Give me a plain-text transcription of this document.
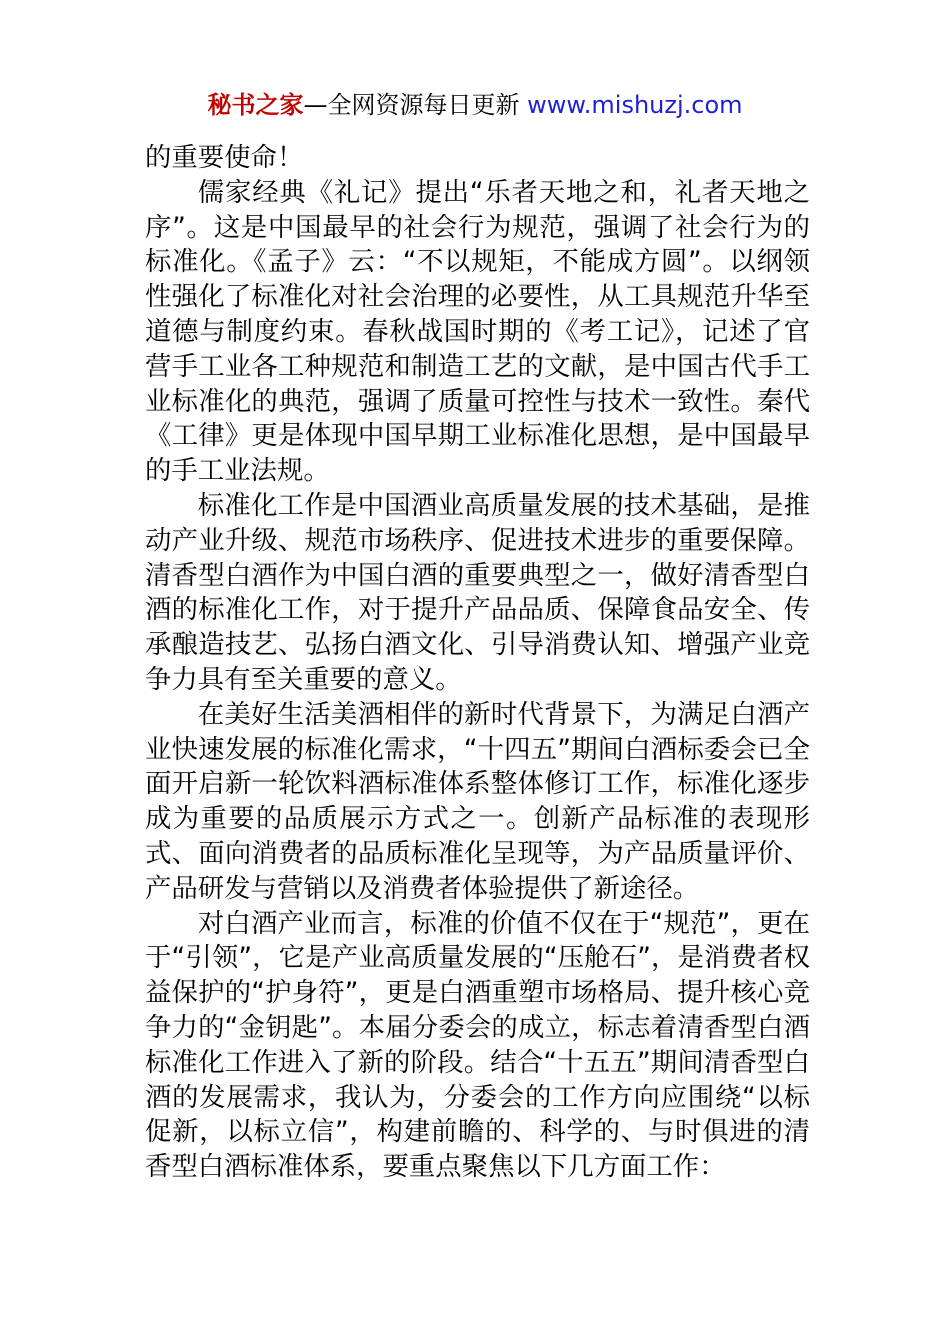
秘书之家—全网资源每日更新 www.mishuzj.com

的重要使命！

儒家经典《礼记》提出“乐者天地之和，礼者天地之序”。这是中国最早的社会行为规范，强调了社会行为的标准化。《孟子》云：“不以规矩，不能成方圆”。以纲领性强化了标准化对社会治理的必要性，从工具规范升华至道德与制度约束。春秋战国时期的《考工记》，记述了官营手工业各工种规范和制造工艺的文献，是中国古代手工业标准化的典范，强调了质量可控性与技术一致性。秦代《工律》更是体现中国早期工业标准化思想，是中国最早的手工业法规。

标准化工作是中国酒业高质量发展的技术基础，是推动产业升级、规范市场秩序、促进技术进步的重要保障。清香型白酒作为中国白酒的重要典型之一，做好清香型白酒的标准化工作，对于提升产品品质、保障食品安全、传承酿造技艺、弘扬白酒文化、引导消费认知、增强产业竞争力具有至关重要的意义。

在美好生活美酒相伴的新时代背景下，为满足白酒产业快速发展的标准化需求，“十四五”期间白酒标委会已全面开启新一轮饮料酒标准体系整体修订工作，标准化逐步成为重要的品质展示方式之一。创新产品标准的表现形式、面向消费者的品质标准化呈现等，为产品质量评价、产品研发与营销以及消费者体验提供了新途径。

对白酒产业而言，标准的价值不仅在于“规范”，更在于“引领”，它是产业高质量发展的“压舱石”，是消费者权益保护的“护身符”，更是白酒重塑市场格局、提升核心竞争力的“金钥匙”。本届分委会的成立，标志着清香型白酒标准化工作进入了新的阶段。结合“十五五”期间清香型白酒的发展需求，我认为，分委会的工作方向应围绕“以标促新，以标立信”，构建前瞻的、科学的、与时俱进的清香型白酒标准体系，要重点聚焦以下几方面工作：
